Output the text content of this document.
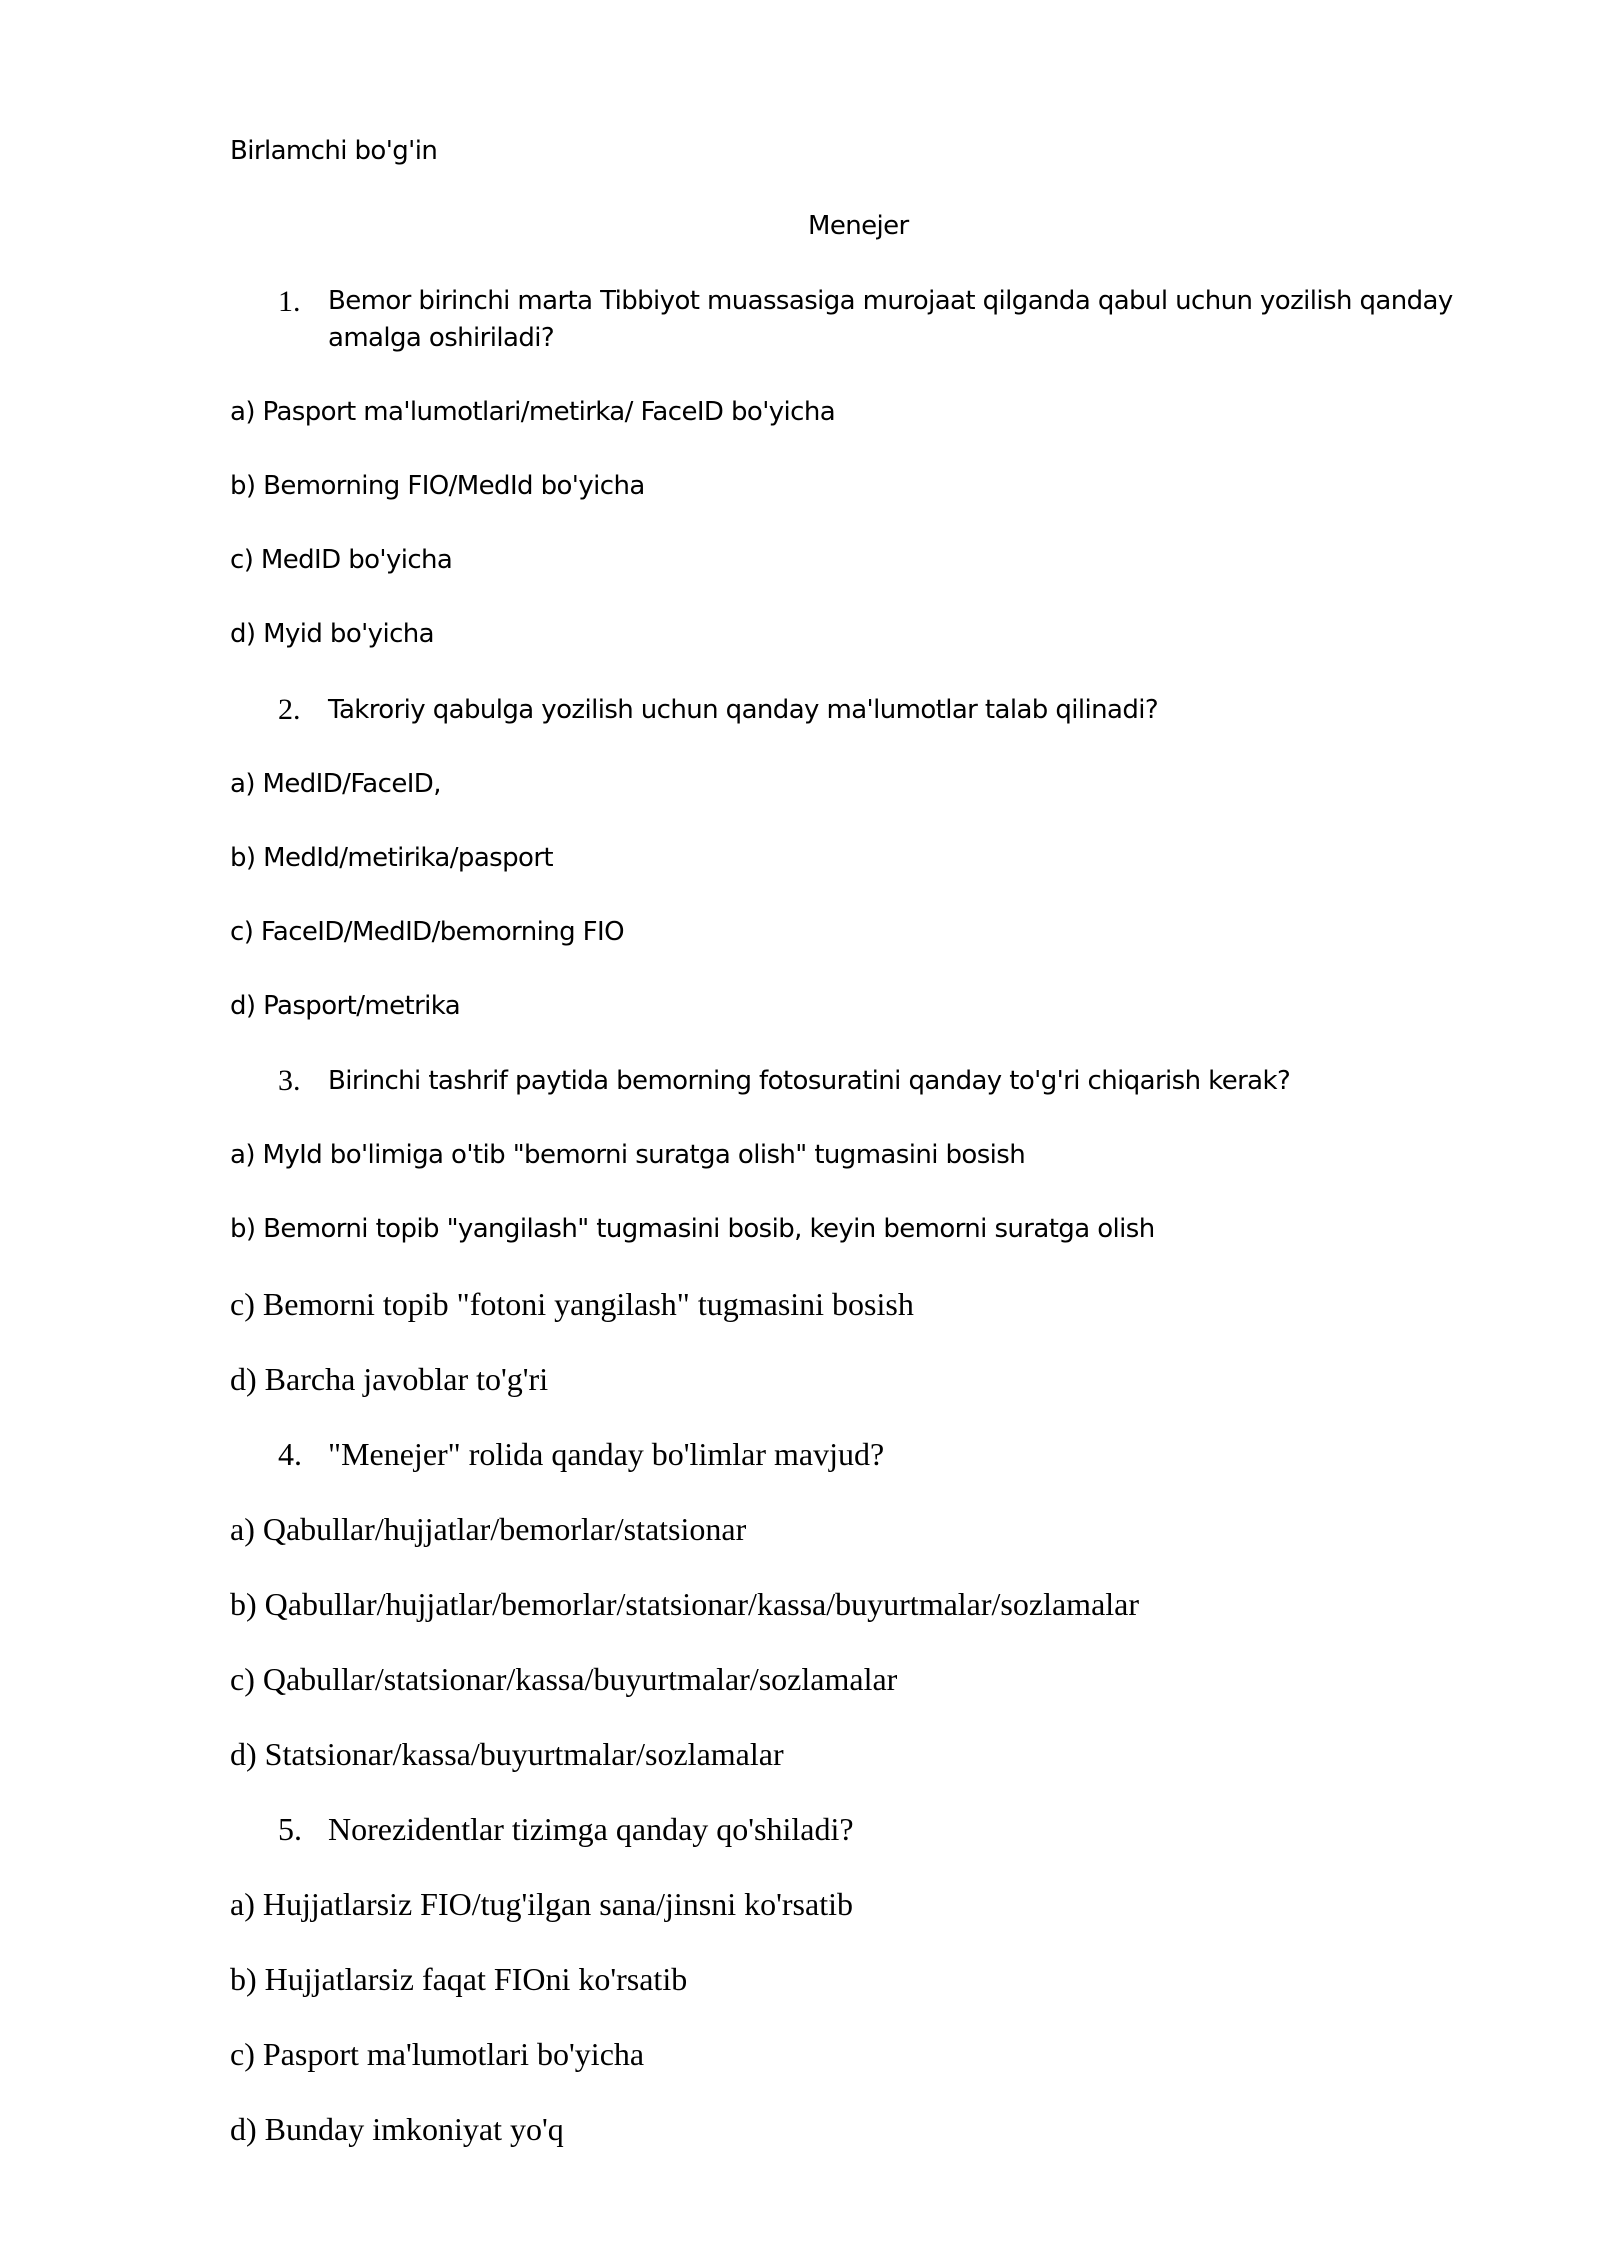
Birlamchi bo'g'in
Menejer
1. Bemor birinchi marta Tibbiyot muassasiga murojaat qilganda qabul uchun yozilish qanday
amalga oshiriladi?
a) Pasport ma'lumotlari/metirka/ FaceID bo'yicha
b) Bemorning FIO/MedId bo'yicha
c) MedID bo'yicha
d) Myid bo'yicha
2. Takroriy qabulga yozilish uchun qanday ma'lumotlar talab qilinadi?
a) MedID/FaceID,
b) MedId/metirika/pasport
c) FaceID/MedID/bemorning FIO
d) Pasport/metrika
3. Birinchi tashrif paytida bemorning fotosuratini qanday to'g'ri chiqarish kerak?
a) MyId bo'limiga o'tib "bemorni suratga olish" tugmasini bosish
b) Bemorni topib "yangilash" tugmasini bosib, keyin bemorni suratga olish
c) Bemorni topib "fotoni yangilash" tugmasini bosish
d) Barcha javoblar to'g'ri
4. "Menejer" rolida qanday bo'limlar mavjud?
a) Qabullar/hujjatlar/bemorlar/statsionar
b) Qabullar/hujjatlar/bemorlar/statsionar/kassa/buyurtmalar/sozlamalar
c) Qabullar/statsionar/kassa/buyurtmalar/sozlamalar
d) Statsionar/kassa/buyurtmalar/sozlamalar
5. Norezidentlar tizimga qanday qo'shiladi?
a) Hujjatlarsiz FIO/tug'ilgan sana/jinsni ko'rsatib
b) Hujjatlarsiz faqat FIOni ko'rsatib
c) Pasport ma'lumotlari bo'yicha
d) Bunday imkoniyat yo'q
